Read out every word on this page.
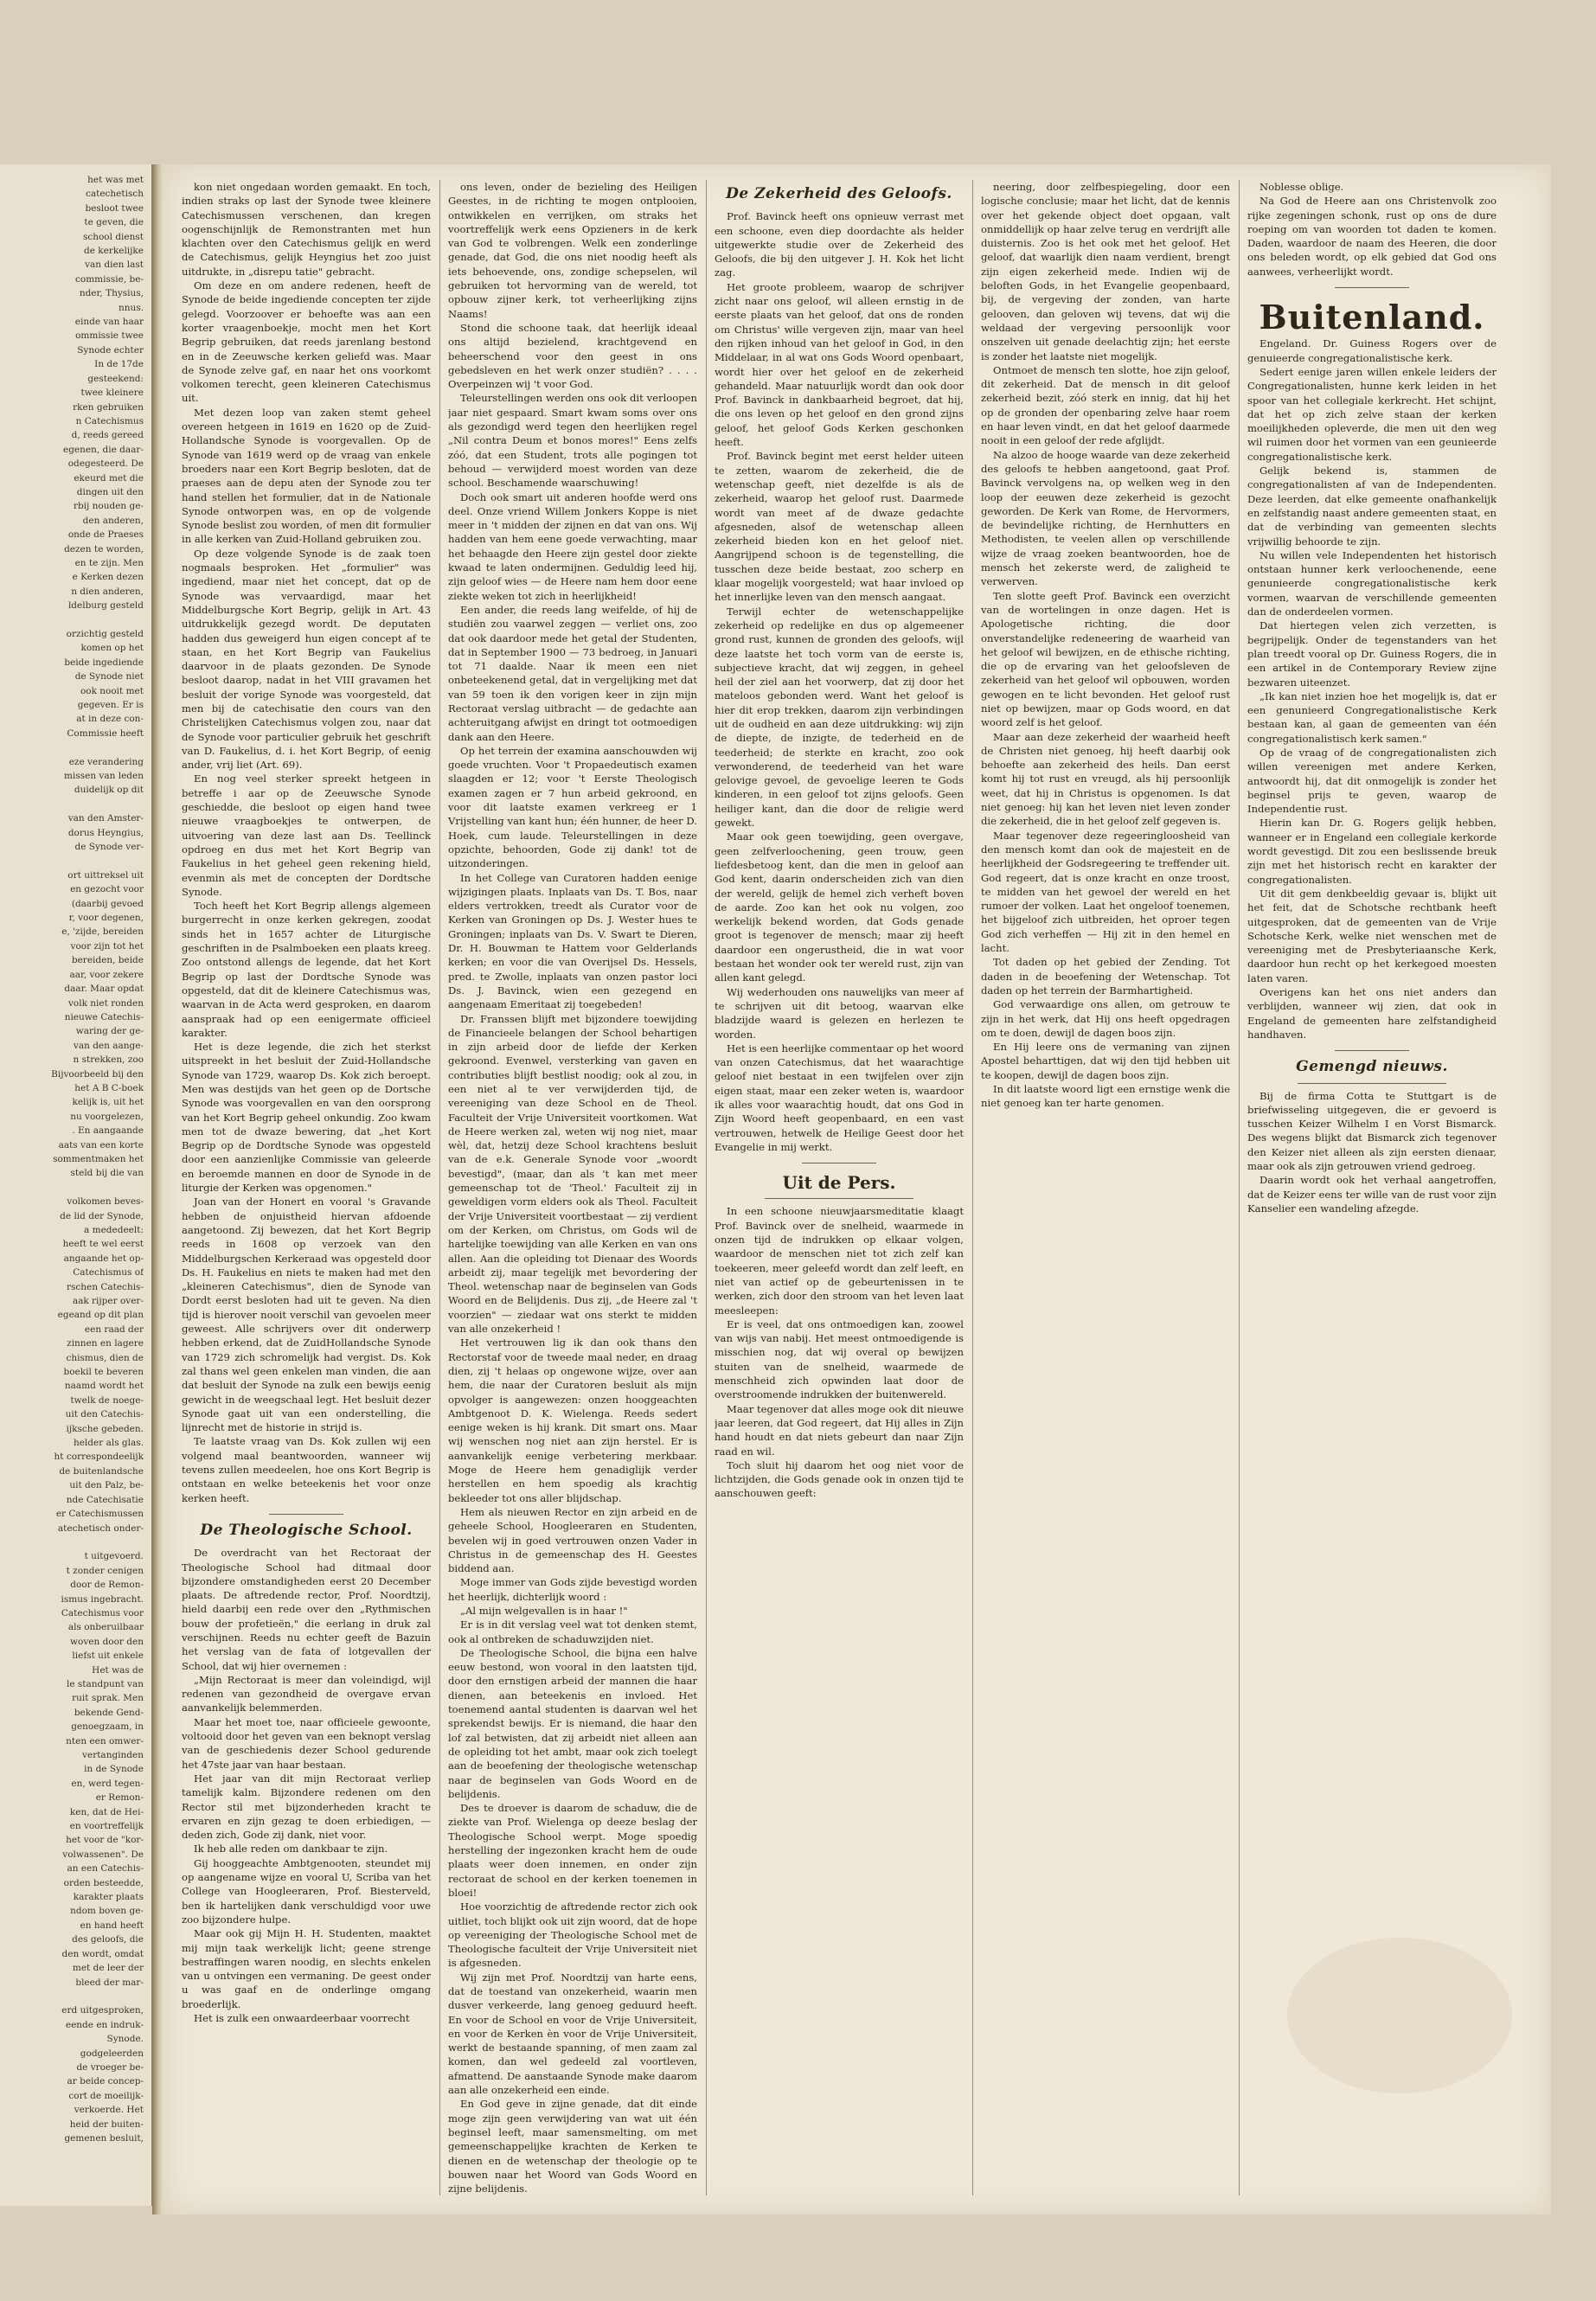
het was met
catechetisch
besloot twee
te geven, die
school dienst
de kerkelijke
van dien last
commissie, be-
nder, Thysius,
nnus.
einde van haar
ommissie twee
Synode echter
In de 17de
gesteekend:
twee kleinere
rken gebruiken
n Catechismus
d, reeds gereed
egenen, die daar-
odegesteerd. De
ekeurd met die
dingen uit den
rbij nouden ge-
den anderen,
onde de Praeses
dezen te worden,
en te zijn. Men
e Kerken dezen
n dien anderen,
ldelburg gesteld
orzichtig gesteld
komen op het
beide ingediende
de Synode niet
ook nooit met
gegeven. Er is
at in deze con-
Commissie heeft
eze verandering
missen van leden
duidelijk op dit
van den Amster-
dorus Heyngius,
de Synode ver-
ort uittreksel uit
en gezocht voor
(daarbij gevoed
r, voor degenen,
e, 'zijde, bereiden
voor zijn tot het
bereiden, beide
aar, voor zekere
daar. Maar opdat
volk niet ronden
nieuwe Catechis-
waring der ge-
van den aange-
n strekken, zoo
Bijvoorbeeld bij den
het A B C-boek
kelijk is, uit het
nu voorgelezen,
. En aangaande
aats van een korte
sommentmaken het
steld bij die van
volkomen beves-
de lid der Synode,
a mededeelt:
heeft te wel eerst
angaande het op-
Catechismus of
rschen Catechis-
aak rijper over-
egeand op dit plan
een raad der
zinnen en lagere
chismus, dien de
boekil te beveren
naamd wordt het
twelk de noege-
uit den Catechis-
ijksche gebeden.
helder als glas.
ht correspondeelijk
de buitenlandsche
uit den Palz, be-
nde Catechisatie
er Catechismussen
atechetisch onder-
t uitgevoerd.
t zonder cenigen
door de Remon-
ismus ingebracht.
Catechismus voor
als onberuilbaar
woven door den
liefst uit enkele
Het was de
le standpunt van
ruit sprak. Men
bekende Gend-
genoegzaam, in
nten een omwer-
vertanginden
in de Synode
en, werd tegen-
er Remon-
ken, dat de Hei-
en voortreffelijk
het voor de "kor-
volwassenen". De
an een Catechis-
orden besteedde,
karakter plaats
ndom boven ge-
en hand heeft
des geloofs, die
den wordt, omdat
met de leer der
bleed der mar-
erd uitgesproken,
eende en indruk-
Synode.
godgeleerden
de vroeger be-
ar beide concep-
cort de moeilijk-
verkoerde. Het
heid der buiten-
gemenen besluit,

kon niet ongedaan worden gemaakt. En toch, indien straks op last der Synode twee kleinere Catechismussen verschenen, dan kregen oogenschijnlijk de Remonstranten met hun klachten over den Catechismus gelijk en werd de Catechismus, gelijk Heyngius het zoo juist uitdrukte, in „disrepu tatie" gebracht.

Om deze en om andere redenen, heeft de Synode de beide ingediende concepten ter zijde gelegd. Voorzoover er behoefte was aan een korter vraagenboekje, mocht men het Kort Begrip gebruiken, dat reeds jarenlang bestond en in de Zeeuwsche kerken geliefd was. Maar de Synode zelve gaf, en naar het ons voorkomt volkomen terecht, geen kleineren Catechismus uit.

Met dezen loop van zaken stemt geheel overeen hetgeen in 1619 en 1620 op de Zuid-Hollandsche Synode is voorgevallen. Op de Synode van 1619 werd op de vraag van enkele broeders naar een Kort Begrip besloten, dat de praeses aan de depu aten der Synode zou ter hand stellen het formulier, dat in de Nationale Synode ontworpen was, en op de volgende Synode beslist zou worden, of men dit formulier in alle kerken van Zuid-Holland gebruiken zou.

Op deze volgende Synode is de zaak toen nogmaals besproken. Het „formulier" was ingediend, maar niet het concept, dat op de Synode was vervaardigd, maar het Middelburgsche Kort Begrip, gelijk in Art. 43 uitdrukkelijk gezegd wordt. De deputaten hadden dus geweigerd hun eigen concept af te staan, en het Kort Begrip van Faukelius daarvoor in de plaats gezonden. De Synode besloot daarop, nadat in het VIII gravamen het besluit der vorige Synode was voorgesteld, dat men bij de catechisatie den cours van den Christelijken Catechismus volgen zou, naar dat de Synode voor particulier gebruik het geschrift van D. Faukelius, d. i. het Kort Begrip, of eenig ander, vrij liet (Art. 69).

En nog veel sterker spreekt hetgeen in betreffe i aar op de Zeeuwsche Synode geschiedde, die besloot op eigen hand twee nieuwe vraagboekjes te ontwerpen, de uitvoering van deze last aan Ds. Teellinck opdroeg en dus met het Kort Begrip van Faukelius in het geheel geen rekening hield, evenmin als met de concepten der Dordtsche Synode.

Toch heeft het Kort Begrip allengs algemeen burgerrecht in onze kerken gekregen, zoodat sinds het in 1657 achter de Liturgische geschriften in de Psalmboeken een plaats kreeg. Zoo ontstond allengs de legende, dat het Kort Begrip op last der Dordtsche Synode was opgesteld, dat dit de kleinere Catechismus was, waarvan in de Acta werd gesproken, en daarom aanspraak had op een eenigermate officieel karakter.

Het is deze legende, die zich het sterkst uitspreekt in het besluit der Zuid-Hollandsche Synode van 1729, waarop Ds. Kok zich beroept. Men was destijds van het geen op de Dortsche Synode was voorgevallen en van den oorsprong van het Kort Begrip geheel onkundig. Zoo kwam men tot de dwaze bewering, dat „het Kort Begrip op de Dordtsche Synode was opgesteld door een aanzienlijke Commissie van geleerde en beroemde mannen en door de Synode in de liturgie der Kerken was opgenomen."

Joan van der Honert en vooral 's Gravande hebben de onjuistheid hiervan afdoende aangetoond. Zij bewezen, dat het Kort Begrip reeds in 1608 op verzoek van den Middelburgschen Kerkeraad was opgesteld door Ds. H. Faukelius en niets te maken had met den „kleineren Catechismus", dien de Synode van Dordt eerst besloten had uit te geven. Na dien tijd is hierover nooit verschil van gevoelen meer geweest. Alle schrijvers over dit onderwerp hebben erkend, dat de ZuidHollandsche Synode van 1729 zich schromelijk had vergist. Ds. Kok zal thans wel geen enkelen man vinden, die aan dat besluit der Synode na zulk een bewijs eenig gewicht in de weegschaal legt. Het besluit dezer Synode gaat uit van een onderstelling, die lijnrecht met de historie in strijd is.

Te laatste vraag van Ds. Kok zullen wij een volgend maal beantwoorden, wanneer wij tevens zullen meedeelen, hoe ons Kort Begrip is ontstaan en welke beteekenis het voor onze kerken heeft.

De Theologische School.

De overdracht van het Rectoraat der Theologische School had ditmaal door bijzondere omstandigheden eerst 20 December plaats. De aftredende rector, Prof. Noordtzij, hield daarbij een rede over den „Rythmischen bouw der profetieën," die eerlang in druk zal verschijnen. Reeds nu echter geeft de Bazuin het verslag van de fata of lotgevallen der School, dat wij hier overnemen :

„Mijn Rectoraat is meer dan voleindigd, wijl redenen van gezondheid de overgave ervan aanvankelijk belemmerden.

Maar het moet toe, naar officieele gewoonte, voltooid door het geven van een beknopt verslag van de geschiedenis dezer School gedurende het 47ste jaar van haar bestaan.

Het jaar van dit mijn Rectoraat verliep tamelijk kalm. Bijzondere redenen om den Rector stil met bijzonderheden kracht te ervaren en zijn gezag te doen erbiedigen, — deden zich, Gode zij dank, niet voor.

Ik heb alle reden om dankbaar te zijn.

Gij hooggeachte Ambtgenooten, steundet mij op aangename wijze en vooral U, Scriba van het College van Hoogleeraren, Prof. Biesterveld, ben ik hartelijken dank verschuldigd voor uwe zoo bijzondere hulpe.

Maar ook gij Mijn H. H. Studenten, maaktet mij mijn taak werkelijk licht; geene strenge bestraffingen waren noodig, en slechts enkelen van u ontvingen een vermaning. De geest onder u was gaaf en de onderlinge omgang broederlijk.

Het is zulk een onwaardeerbaar voorrecht

ons leven, onder de bezieling des Heiligen Geestes, in de richting te mogen ontplooien, ontwikkelen en verrijken, om straks het voortreffelijk werk eens Opzieners in de kerk van God te volbrengen. Welk een zonderlinge genade, dat God, die ons niet noodig heeft als iets behoevende, ons, zondige schepselen, wil gebruiken tot hervorming van de wereld, tot opbouw zijner kerk, tot verheerlijking zijns Naams!

Stond die schoone taak, dat heerlijk ideaal ons altijd bezielend, krachtgevend en beheerschend voor den geest in ons gebedsleven en het werk onzer studiën? . . . . Overpeinzen wij 't voor God.

Teleurstellingen werden ons ook dit verloopen jaar niet gespaard. Smart kwam soms over ons als gezondigd werd tegen den heerlijken regel „Nil contra Deum et bonos mores!" Eens zelfs zóó, dat een Student, trots alle pogingen tot behoud — verwijderd moest worden van deze school. Beschamende waarschuwing!

Doch ook smart uit anderen hoofde werd ons deel. Onze vriend Willem Jonkers Koppe is niet meer in 't midden der zijnen en dat van ons. Wij hadden van hem eene goede verwachting, maar het behaagde den Heere zijn gestel door ziekte kwaad te laten ondermijnen. Geduldig leed hij, zijn geloof wies — de Heere nam hem door eene ziekte weken tot zich in heerlijkheid!

Een ander, die reeds lang weifelde, of hij de studiën zou vaarwel zeggen — verliet ons, zoo dat ook daardoor mede het getal der Studenten, dat in September 1900 — 73 bedroeg, in Januari tot 71 daalde. Naar ik meen een niet onbeteekenend getal, dat in vergelijking met dat van 59 toen ik den vorigen keer in zijn mijn Rectoraat verslag uitbracht — de gedachte aan achteruitgang afwijst en dringt tot ootmoedigen dank aan den Heere.

Op het terrein der examina aanschouwden wij goede vruchten. Voor 't Propaedeutisch examen slaagden er 12; voor 't Eerste Theologisch examen zagen er 7 hun arbeid gekroond, en voor dit laatste examen verkreeg er 1 Vrijstelling van kant hun; één hunner, de heer D. Hoek, cum laude. Teleurstellingen in deze opzichte, behoorden, Gode zij dank! tot de uitzonderingen.

In het College van Curatoren hadden eenige wijzigingen plaats. Inplaats van Ds. T. Bos, naar elders vertrokken, treedt als Curator voor de Kerken van Groningen op Ds. J. Wester hues te Groningen; inplaats van Ds. V. Swart te Dieren, Dr. H. Bouwman te Hattem voor Gelderlands kerken; en voor die van Overijsel Ds. Hessels, pred. te Zwolle, inplaats van onzen pastor loci Ds. J. Bavinck, wien een gezegend en aangenaam Emeritaat zij toegebeden!

Dr. Franssen blijft met bijzondere toewijding de Financieele belangen der School behartigen in zijn arbeid door de liefde der Kerken gekroond. Evenwel, versterking van gaven en contributies blijft bestlist noodig; ook al zou, in een niet al te ver verwijderden tijd, de vereeniging van deze School en de Theol. Faculteit der Vrije Universiteit voortkomen. Wat de Heere werken zal, weten wij nog niet, maar wèl, dat, hetzij deze School krachtens besluit van de e.k. Generale Synode voor „woordt bevestigd", (maar, dan als 't kan met meer gemeenschap tot de 'Theol.' Faculteit zij in geweldigen vorm elders ook als Theol. Faculteit der Vrije Universiteit voortbestaat — zij verdient om der Kerken, om Christus, om Gods wil de hartelijke toewijding van alle Kerken en van ons allen. Aan die opleiding tot Dienaar des Woords arbeidt zij, maar tegelijk met bevordering der Theol. wetenschap naar de beginselen van Gods Woord en de Belijdenis. Dus zij, „de Heere zal 't voorzien" — ziedaar wat ons sterkt te midden van alle onzekerheid !

Het vertrouwen lig ik dan ook thans den Rectorstaf voor de tweede maal neder, en draag dien, zij 't helaas op ongewone wijze, over aan hem, die naar der Curatoren besluit als mijn opvolger is aangewezen: onzen hooggeachten Ambtgenoot D. K. Wielenga. Reeds sedert eenige weken is hij krank. Dit smart ons. Maar wij wenschen nog niet aan zijn herstel. Er is aanvankelijk eenige verbetering merkbaar. Moge de Heere hem genadiglijk verder herstellen en hem spoedig als krachtig bekleeder tot ons aller blijdschap.

Hem als nieuwen Rector en zijn arbeid en de geheele School, Hoogleeraren en Studenten, bevelen wij in goed vertrouwen onzen Vader in Christus in de gemeenschap des H. Geestes biddend aan.

Moge immer van Gods zijde bevestigd worden het heerlijk, dichterlijk woord :

„Al mijn welgevallen is in haar !"

Er is in dit verslag veel wat tot denken stemt, ook al ontbreken de schaduwzijden niet.

De Theologische School, die bijna een halve eeuw bestond, won vooral in den laatsten tijd, door den ernstigen arbeid der mannen die haar dienen, aan beteekenis en invloed. Het toenemend aantal studenten is daarvan wel het sprekendst bewijs. Er is niemand, die haar den lof zal betwisten, dat zij arbeidt niet alleen aan de opleiding tot het ambt, maar ook zich toelegt aan de beoefening der theologische wetenschap naar de beginselen van Gods Woord en de belijdenis.

Des te droever is daarom de schaduw, die de ziekte van Prof. Wielenga op deeze beslag der Theologische School werpt. Moge spoedig herstelling der ingezonken kracht hem de oude plaats weer doen innemen, en onder zijn rectoraat de school en der kerken toenemen in bloei!

Hoe voorzichtig de aftredende rector zich ook uitliet, toch blijkt ook uit zijn woord, dat de hope op vereeniging der Theologische School met de Theologische faculteit der Vrije Universiteit niet is afgesneden.

Wij zijn met Prof. Noordtzij van harte eens, dat de toestand van onzekerheid, waarin men dusver verkeerde, lang genoeg geduurd heeft. En voor de School en voor de Vrije Universiteit, en voor de Kerken èn voor de Vrije Universiteit, werkt de bestaande spanning, of men zaam zal komen, dan wel gedeeld zal voortleven, afmattend. De aanstaande Synode make daarom aan alle onzekerheid een einde.

En God geve in zijne genade, dat dit einde moge zijn geen verwijdering van wat uit één beginsel leeft, maar samensmelting, om met gemeenschappelijke krachten de Kerken te dienen en de wetenschap der theologie op te bouwen naar het Woord van Gods Woord en zijne belijdenis.

De Zekerheid des Geloofs.

Prof. Bavinck heeft ons opnieuw verrast met een schoone, even diep doordachte als helder uitgewerkte studie over de Zekerheid des Geloofs, die bij den uitgever J. H. Kok het licht zag.

Het groote probleem, waarop de schrijver zicht naar ons geloof, wil alleen ernstig in de eerste plaats van het geloof, dat ons de ronden om Christus' wille vergeven zijn, maar van heel den rijken inhoud van het geloof in God, in den Middelaar, in al wat ons Gods Woord openbaart, wordt hier over het geloof en de zekerheid gehandeld. Maar natuurlijk wordt dan ook door Prof. Bavinck in dankbaarheid begroet, dat hij, die ons leven op het geloof en den grond zijns geloof, het geloof Gods Kerken geschonken heeft.

Prof. Bavinck begint met eerst helder uiteen te zetten, waarom de zekerheid, die de wetenschap geeft, niet dezelfde is als de zekerheid, waarop het geloof rust. Daarmede wordt van meet af de dwaze gedachte afgesneden, alsof de wetenschap alleen zekerheid bieden kon en het geloof niet. Aangrijpend schoon is de tegenstelling, die tusschen deze beide bestaat, zoo scherp en klaar mogelijk voorgesteld; wat haar invloed op het innerlijke leven van den mensch aangaat.

Terwijl echter de wetenschappelijke zekerheid op redelijke en dus op algemeener grond rust, kunnen de gronden des geloofs, wijl deze laatste het toch vorm van de eerste is, subjectieve kracht, dat wij zeggen, in geheel heil der ziel aan het voorwerp, dat zij door het mateloos gebonden werd. Want het geloof is hier dit erop trekken, daarom zijn verbindingen uit de oudheid en aan deze uitdrukking: wij zijn de diepte, de inzigte, de tederheid en de teederheid; de sterkte en kracht, zoo ook verwonderend, de teederheid van het ware gelovige gevoel, de gevoelige leeren te Gods kinderen, in een geloof tot zijns geloofs. Geen heiliger kant, dan die door de religie werd gewekt.

Maar ook geen toewijding, geen overgave, geen zelfverloochening, geen trouw, geen liefdesbetoog kent, dan die men in geloof aan God kent, daarin onderscheiden zich van dien der wereld, gelijk de hemel zich verheft boven de aarde. Zoo kan het ook nu volgen, zoo werkelijk bekend worden, dat Gods genade groot is tegenover de mensch; maar zij heeft daardoor een ongerustheid, die in wat voor bestaan het wonder ook ter wereld rust, zijn van allen kant gelegd.

Wij wederhouden ons nauwelijks van meer af te schrijven uit dit betoog, waarvan elke bladzijde waard is gelezen en herlezen te worden.

Het is een heerlijke commentaar op het woord van onzen Catechismus, dat het waarachtige geloof niet bestaat in een twijfelen over zijn eigen staat, maar een zeker weten is, waardoor ik alles voor waarachtig houdt, dat ons God in Zijn Woord heeft geopenbaard, en een vast vertrouwen, hetwelk de Heilige Geest door het Evangelie in mij werkt.

Uit de Pers.

In een schoone nieuwjaarsmeditatie klaagt Prof. Bavinck over de snelheid, waarmede in onzen tijd de indrukken op elkaar volgen, waardoor de menschen niet tot zich zelf kan toekeeren, meer geleefd wordt dan zelf leeft, en niet van actief op de gebeurtenissen in te werken, zich door den stroom van het leven laat meesleepen:

Er is veel, dat ons ontmoedigen kan, zoowel van wijs van nabij. Het meest ontmoedigende is misschien nog, dat wij overal op bewijzen stuiten van de snelheid, waarmede de menschheid zich opwinden laat door de overstroomende indrukken der buitenwereld.

Maar tegenover dat alles moge ook dit nieuwe jaar leeren, dat God regeert, dat Hij alles in Zijn hand houdt en dat niets gebeurt dan naar Zijn raad en wil.

Toch sluit hij daarom het oog niet voor de lichtzijden, die Gods genade ook in onzen tijd te aanschouwen geeft:

neering, door zelfbespiegeling, door een logische conclusie; maar het licht, dat de kennis over het gekende object doet opgaan, valt onmiddellijk op haar zelve terug en verdrijft alle duisternis. Zoo is het ook met het geloof. Het geloof, dat waarlijk dien naam verdient, brengt zijn eigen zekerheid mede. Indien wij de beloften Gods, in het Evangelie geopenbaard, bij, de vergeving der zonden, van harte gelooven, dan geloven wij tevens, dat wij die weldaad der vergeving persoonlijk voor onszelven uit genade deelachtig zijn; het eerste is zonder het laatste niet mogelijk.

Ontmoet de mensch ten slotte, hoe zijn geloof, dit zekerheid. Dat de mensch in dit geloof zekerheid bezit, zóó sterk en innig, dat hij het op de gronden der openbaring zelve haar roem en haar leven vindt, en dat het geloof daarmede nooit in een geloof der rede afglijdt.

Na alzoo de hooge waarde van deze zekerheid des geloofs te hebben aangetoond, gaat Prof. Bavinck vervolgens na, op welken weg in den loop der eeuwen deze zekerheid is gezocht geworden. De Kerk van Rome, de Hervormers, de bevindelijke richting, de Hernhutters en Methodisten, te veelen allen op verschillende wijze de vraag zoeken beantwoorden, hoe de mensch het zekerste werd, de zaligheid te verwerven.

Ten slotte geeft Prof. Bavinck een overzicht van de wortelingen in onze dagen. Het is Apologetische richting, die door onverstandelijke redeneering de waarheid van het geloof wil bewijzen, en de ethische richting, die op de ervaring van het geloofsleven de zekerheid van het geloof wil opbouwen, worden gewogen en te licht bevonden. Het geloof rust niet op bewijzen, maar op Gods woord, en dat woord zelf is het geloof.

Maar aan deze zekerheid der waarheid heeft de Christen niet genoeg, hij heeft daarbij ook behoefte aan zekerheid des heils. Dan eerst komt hij tot rust en vreugd, als hij persoonlijk weet, dat hij in Christus is opgenomen. Is dat niet genoeg: hij kan het leven niet leven zonder die zekerheid, die in het geloof zelf gegeven is.

Maar tegenover deze regeeringloosheid van den mensch komt dan ook de majesteit en de heerlijkheid der Godsregeering te treffender uit. God regeert, dat is onze kracht en onze troost, te midden van het gewoel der wereld en het rumoer der volken. Laat het ongeloof toenemen, het bijgeloof zich uitbreiden, het oproer tegen God zich verheffen — Hij zit in den hemel en lacht.

Tot daden op het gebied der Zending. Tot daden in de beoefening der Wetenschap. Tot daden op het terrein der Barmhartigheid.

God verwaardige ons allen, om getrouw te zijn in het werk, dat Hij ons heeft opgedragen om te doen, dewijl de dagen boos zijn.

En Hij leere ons de vermaning van zijnen Apostel beharttigen, dat wij den tijd hebben uit te koopen, dewijl de dagen boos zijn.

In dit laatste woord ligt een ernstige wenk die niet genoeg kan ter harte genomen.

Noblesse oblige.

Na God de Heere aan ons Christenvolk zoo rijke zegeningen schonk, rust op ons de dure roeping om van woorden tot daden te komen. Daden, waardoor de naam des Heeren, die door ons beleden wordt, op elk gebied dat God ons aanwees, verheerlijkt wordt.

Buitenland.

Engeland. Dr. Guiness Rogers over de genuieerde congregationalistische kerk.

Sedert eenige jaren willen enkele leiders der Congregationalisten, hunne kerk leiden in het spoor van het collegiale kerkrecht. Het schijnt, dat het op zich zelve staan der kerken moeilijkheden opleverde, die men uit den weg wil ruimen door het vormen van een geunieerde congregationalistische kerk.

Gelijk bekend is, stammen de congregationalisten af van de Independenten. Deze leerden, dat elke gemeente onafhankelijk en zelfstandig naast andere gemeenten staat, en dat de verbinding van gemeenten slechts vrijwillig behoorde te zijn.

Nu willen vele Independenten het historisch ontstaan hunner kerk verloochenende, eene genunieerde congregationalistische kerk vormen, waarvan de verschillende gemeenten dan de onderdeelen vormen.

Dat hiertegen velen zich verzetten, is begrijpelijk. Onder de tegenstanders van het plan treedt vooral op Dr. Guiness Rogers, die in een artikel in de Contemporary Review zijne bezwaren uiteenzet.

„Ik kan niet inzien hoe het mogelijk is, dat er een genunieerd Congregationalistische Kerk bestaan kan, al gaan de gemeenten van één congregationalistisch kerk samen."

Op de vraag of de congregationalisten zich willen vereenigen met andere Kerken, antwoordt hij, dat dit onmogelijk is zonder het beginsel prijs te geven, waarop de Independentie rust.

Hierin kan Dr. G. Rogers gelijk hebben, wanneer er in Engeland een collegiale kerkorde wordt gevestigd. Dit zou een beslissende breuk zijn met het historisch recht en karakter der congregationalisten.

Uit dit gem denkbeeldig gevaar is, blijkt uit het feit, dat de Schotsche rechtbank heeft uitgesproken, dat de gemeenten van de Vrije Schotsche Kerk, welke niet wenschen met de vereeniging met de Presbyteriaansche Kerk, daardoor hun recht op het kerkegoed moesten laten varen.

Overigens kan het ons niet anders dan verblijden, wanneer wij zien, dat ook in Engeland de gemeenten hare zelfstandigheid handhaven.

Gemengd nieuws.

Bij de firma Cotta te Stuttgart is de briefwisseling uitgegeven, die er gevoerd is tusschen Keizer Wilhelm I en Vorst Bismarck. Des wegens blijkt dat Bismarck zich tegenover den Keizer niet alleen als zijn eersten dienaar, maar ook als zijn getrouwen vriend gedroeg.

Daarin wordt ook het verhaal aangetroffen, dat de Keizer eens ter wille van de rust voor zijn Kanselier een wandeling afzegde.
